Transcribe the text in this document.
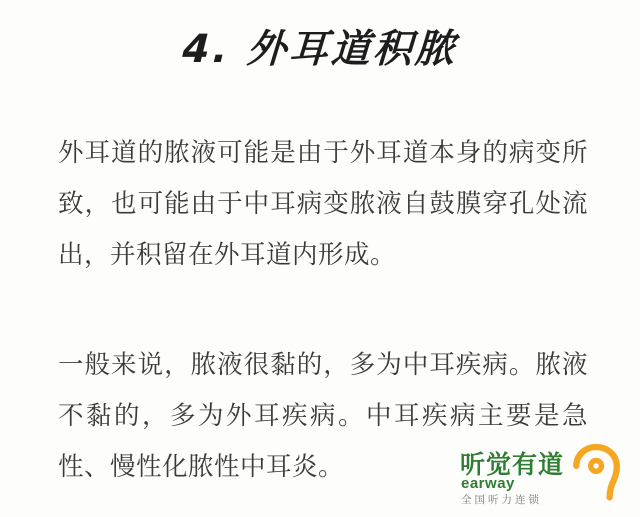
4. 外耳道积脓
外耳道的脓液可能是由于外耳道本身的病变所致，也可能由于中耳病变脓液自鼓膜穿孔处流出，并积留在外耳道内形成。
一般来说，脓液很黏的，多为中耳疾病。脓液不黏的，多为外耳疾病。中耳疾病主要是急性、慢性化脓性中耳炎。	听觉有道
earway
全国听力连锁
